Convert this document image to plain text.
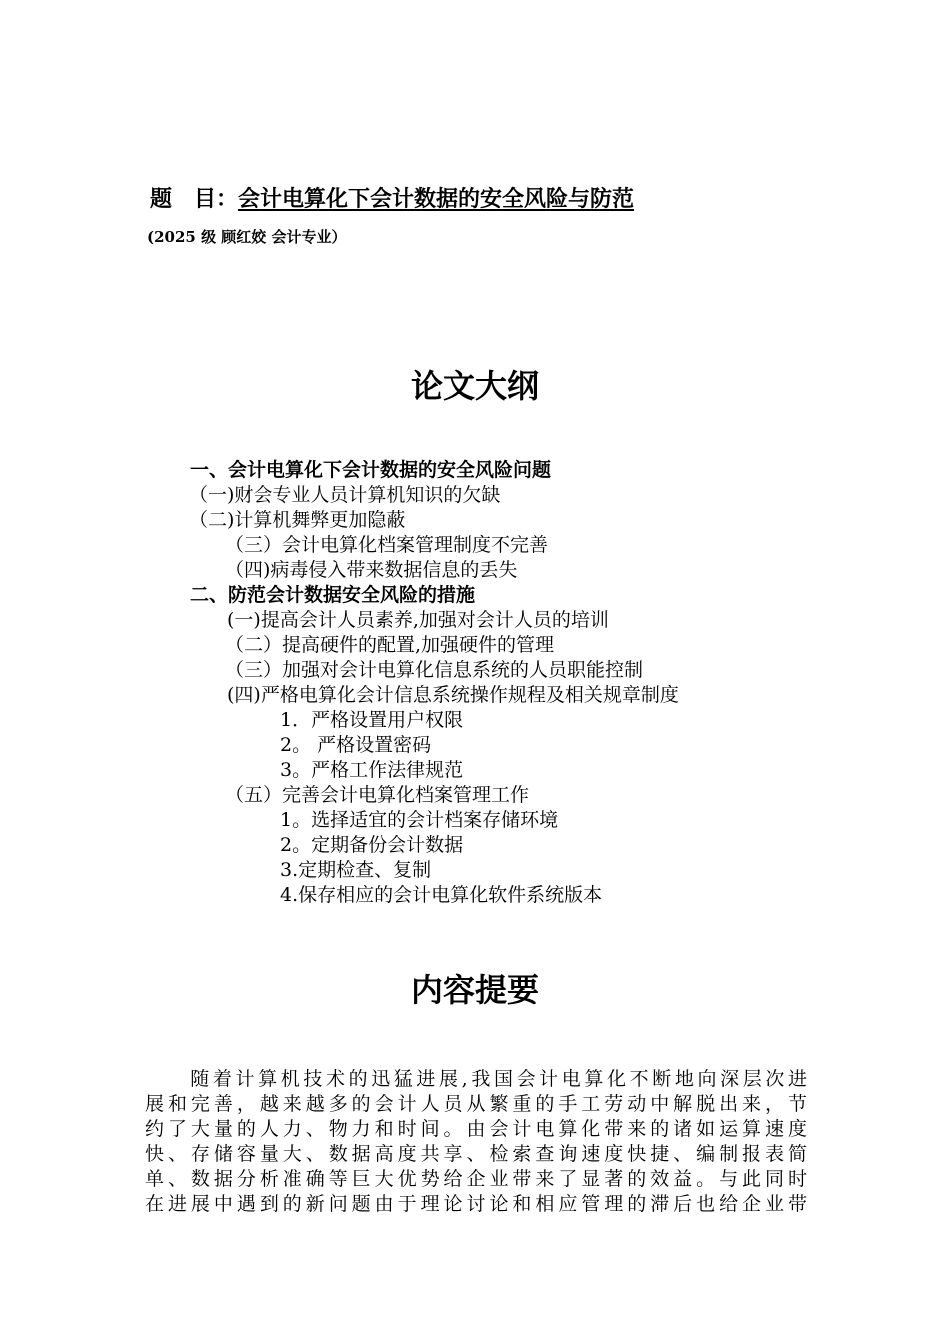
题　目：会计电算化下会计数据的安全风险与防范
(2025 级 顾红姣 会计专业）
论文大纲
一、会计电算化下会计数据的安全风险问题
（一)财会专业人员计算机知识的欠缺
（二)计算机舞弊更加隐蔽
（三）会计电算化档案管理制度不完善
（四)病毒侵入带来数据信息的丢失
二、防范会计数据安全风险的措施
(一)提高会计人员素养,加强对会计人员的培训
（二）提高硬件的配置,加强硬件的管理
（三）加强对会计电算化信息系统的人员职能控制
(四)严格电算化会计信息系统操作规程及相关规章制度
1．严格设置用户权限
2。 严格设置密码
3。严格工作法律规范
（五）完善会计电算化档案管理工作
1。选择适宜的会计档案存储环境
2。定期备份会计数据
3.定期检查、复制
4.保存相应的会计电算化软件系统版本
内容提要
　　随着计算机技术的迅猛进展,我国会计电算化不断地向深层次进
展和完善，越来越多的会计人员从繁重的手工劳动中解脱出来，节
约了大量的人力、物力和时间。由会计电算化带来的诸如运算速度
快、存储容量大、数据高度共享、检索查询速度快捷、编制报表简
单、数据分析准确等巨大优势给企业带来了显著的效益。与此同时
在进展中遇到的新问题由于理论讨论和相应管理的滞后也给企业带
